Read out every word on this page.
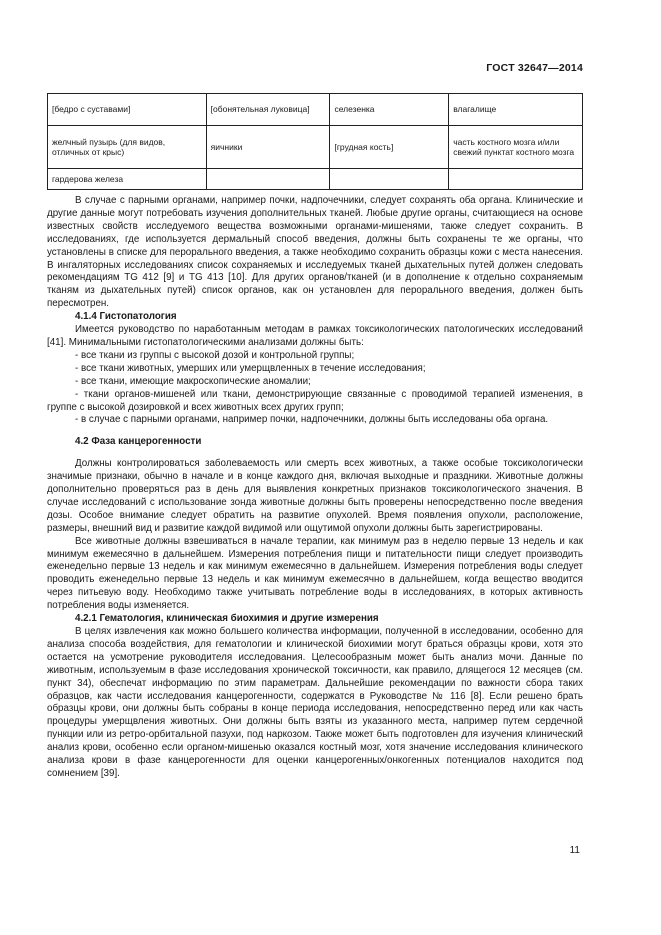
ГОСТ 32647—2014
[бедро с суставами]	[обонятельная луковица]	селезенка	влагалище
желчный пузырь (для видов, отличных от крыс)	яичники	[грудная кость]	часть костного мозга и/или свежий пунктат костного мозга
гардерова железа			

В случае с парными органами, например почки, надпочечники, следует сохранять оба органа. Клинические и другие данные могут потребовать изучения дополнительных тканей. Любые другие органы, считающиеся на основе известных свойств исследуемого вещества возможными органами-мишенями, также следует сохранить. В исследованиях, где используется дермальный способ введения, должны быть сохранены те же органы, что установлены в списке для перорального введения, а также необходимо сохранить образцы кожи с места нанесения. В ингаляторных исследованиях список сохраняемых и исследуемых тканей дыхательных путей должен следовать рекомендациям TG 412 [9] и TG 413 [10]. Для других органов/тканей (и в дополнение к отдельно сохраняемым тканям из дыхательных путей) список органов, как он установлен для перорального введения, должен быть пересмотрен.

4.1.4 Гистопатология

Имеется руководство по наработанным методам в рамках токсикологических патологических исследований [41]. Минимальными гистопатологическими анализами должны быть:

- все ткани из группы с высокой дозой и контрольной группы;
- все ткани животных, умерших или умерщвленных в течение исследования;
- все ткани, имеющие макроскопические аномалии;
- ткани органов-мишеней или ткани, демонстрирующие связанные с проводимой терапией изменения, в группе с высокой дозировкой и всех животных всех других групп;
- в случае с парными органами, например почки, надпочечники, должны быть исследованы оба органа.

4.2 Фаза канцерогенности

Должны контролироваться заболеваемость или смерть всех животных, а также особые токсикологически значимые признаки, обычно в начале и в конце каждого дня, включая выходные и праздники. Животные должны дополнительно проверяться раз в день для выявления конкретных признаков токсикологического значения. В случае исследований с использование зонда животные должны быть проверены непосредственно после введения дозы. Особое внимание следует обратить на развитие опухолей. Время появления опухоли, расположение, размеры, внешний вид и развитие каждой видимой или ощутимой опухоли должны быть зарегистрированы.

Все животные должны взвешиваться в начале терапии, как минимум раз в неделю первые 13 недель и как минимум ежемесячно в дальнейшем. Измерения потребления пищи и питательности пищи следует производить еженедельно первые 13 недель и как минимум ежемесячно в дальнейшем. Измерения потребления воды следует проводить еженедельно первые 13 недель и как минимум ежемесячно в дальнейшем, когда вещество вводится через питьевую воду. Необходимо также учитывать потребление воды в исследованиях, в которых активность потребления воды изменяется.

4.2.1 Гематология, клиническая биохимия и другие измерения

В целях извлечения как можно большего количества информации, полученной в исследовании, особенно для анализа способа воздействия, для гематологии и клинической биохимии могут браться образцы крови, хотя это остается на усмотрение руководителя исследования. Целесообразным может быть анализ мочи. Данные по животным, используемым в фазе исследования хронической токсичности, как правило, длящегося 12 месяцев (см. пункт 34), обеспечат информацию по этим параметрам. Дальнейшие рекомендации по важности сбора таких образцов, как части исследования канцерогенности, содержатся в Руководстве № 116 [8]. Если решено брать образцы крови, они должны быть собраны в конце периода исследования, непосредственно перед или как часть процедуры умерщвления животных. Они должны быть взяты из указанного места, например путем сердечной пункции или из ретро-орбитальной пазухи, под наркозом. Также может быть подготовлен для изучения клинический анализ крови, особенно если органом-мишенью оказался костный мозг, хотя значение исследования клинического анализа крови в фазе канцерогенности для оценки канцерогенных/онкогенных потенциалов находится под сомнением [39].

11
